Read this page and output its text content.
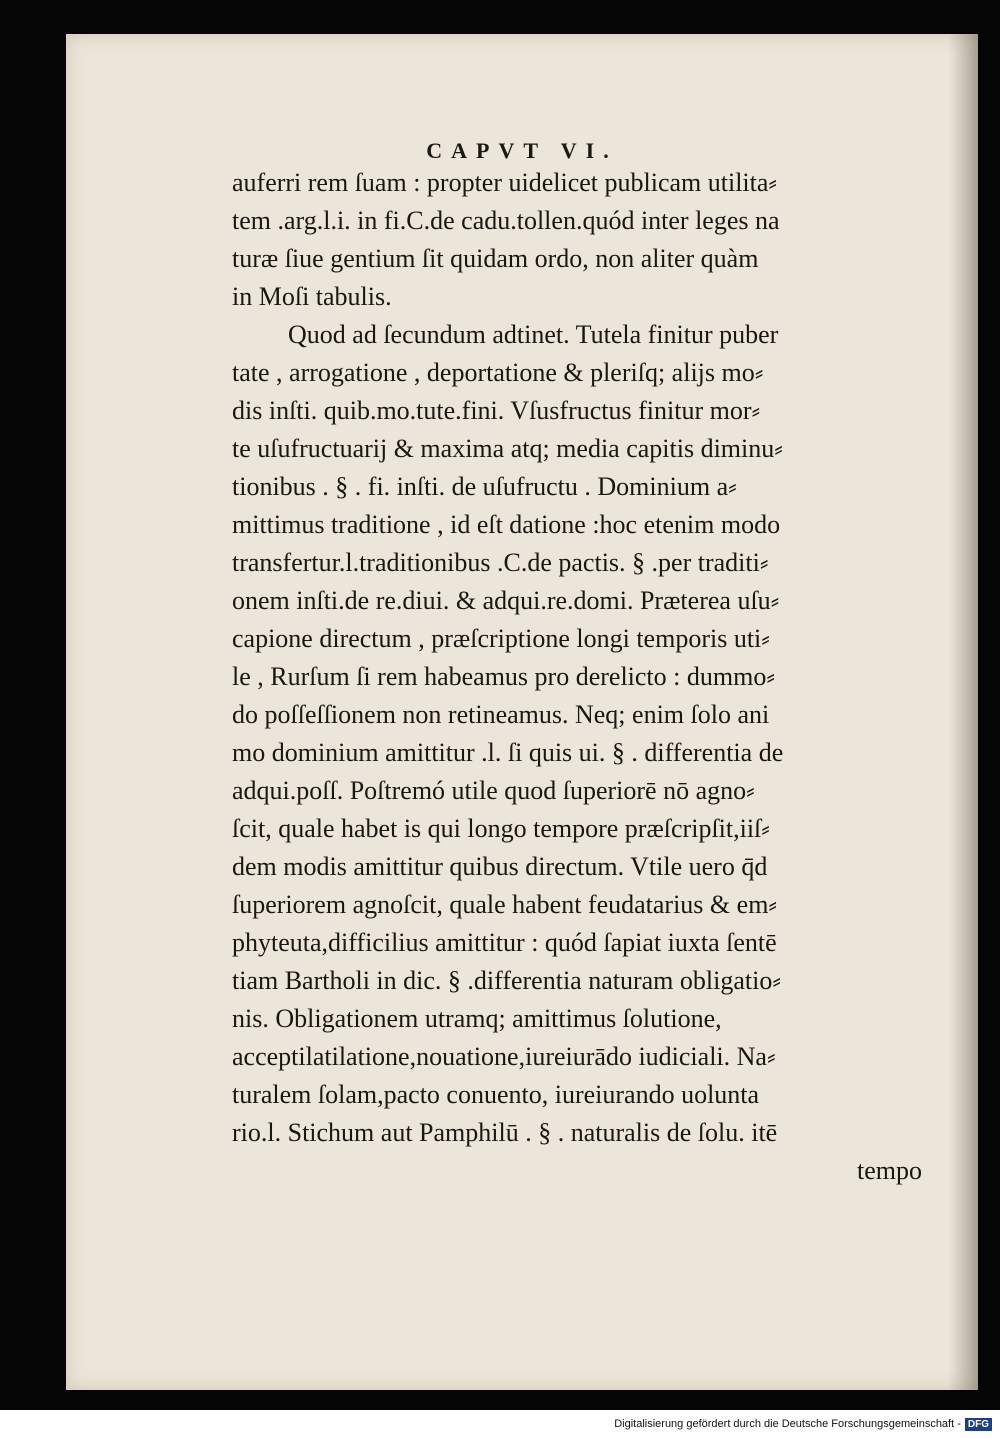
CAPVT VI.
auferri rem ſuam : propter uidelicet publicam utilita⸗
tem .arg.l.i. in fi.C.de cadu.tollen.quód inter leges na
turæ ſiue gentium ſit quidam ordo, non aliter quàm
in Moſi tabulis.
Quod ad ſecundum adtinet. Tutela finitur puber
tate , arrogatione , deportatione & pleriſq; alijs mo⸗
dis inſti. quib.mo.tute.fini. Vſusfructus finitur mor⸗
te uſufructuarij & maxima atq; media capitis diminu⸗
tionibus . § . fi. inſti. de uſufructu . Dominium a⸗
mittimus traditione , id eſt datione :hoc etenim modo
transfertur.l.traditionibus .C.de pactis. § .per traditi⸗
onem inſti.de re.diui. & adqui.re.domi. Præterea uſu⸗
capione directum , præſcriptione longi temporis uti⸗
le , Rurſum ſi rem habeamus pro derelicto : dummo⸗
do poſſeſſionem non retineamus. Neq; enim ſolo ani
mo dominium amittitur .l. ſi quis ui. § . differentia de
adqui.poſſ. Poſtremó utile quod ſuperiorē nō agno⸗
ſcit, quale habet is qui longo tempore præſcripſit,iiſ⸗
dem modis amittitur quibus directum. Vtile uero q̄d
ſuperiorem agnoſcit, quale habent feudatarius & em⸗
phyteuta,difficilius amittitur : quód ſapiat iuxta ſentē
tiam Bartholi in dic. § .differentia naturam obligatio⸗
nis. Obligationem utramq; amittimus ſolutione,
acceptilatilatione,nouatione,iureiurādo iudiciali. Na⸗
turalem ſolam,pacto conuento, iureiurando uolunta
rio.l. Stichum aut Pamphilū . § . naturalis de ſolu. itē
tempo
Digitalisierung gefördert durch die Deutsche Forschungsgemeinschaft - DFG
